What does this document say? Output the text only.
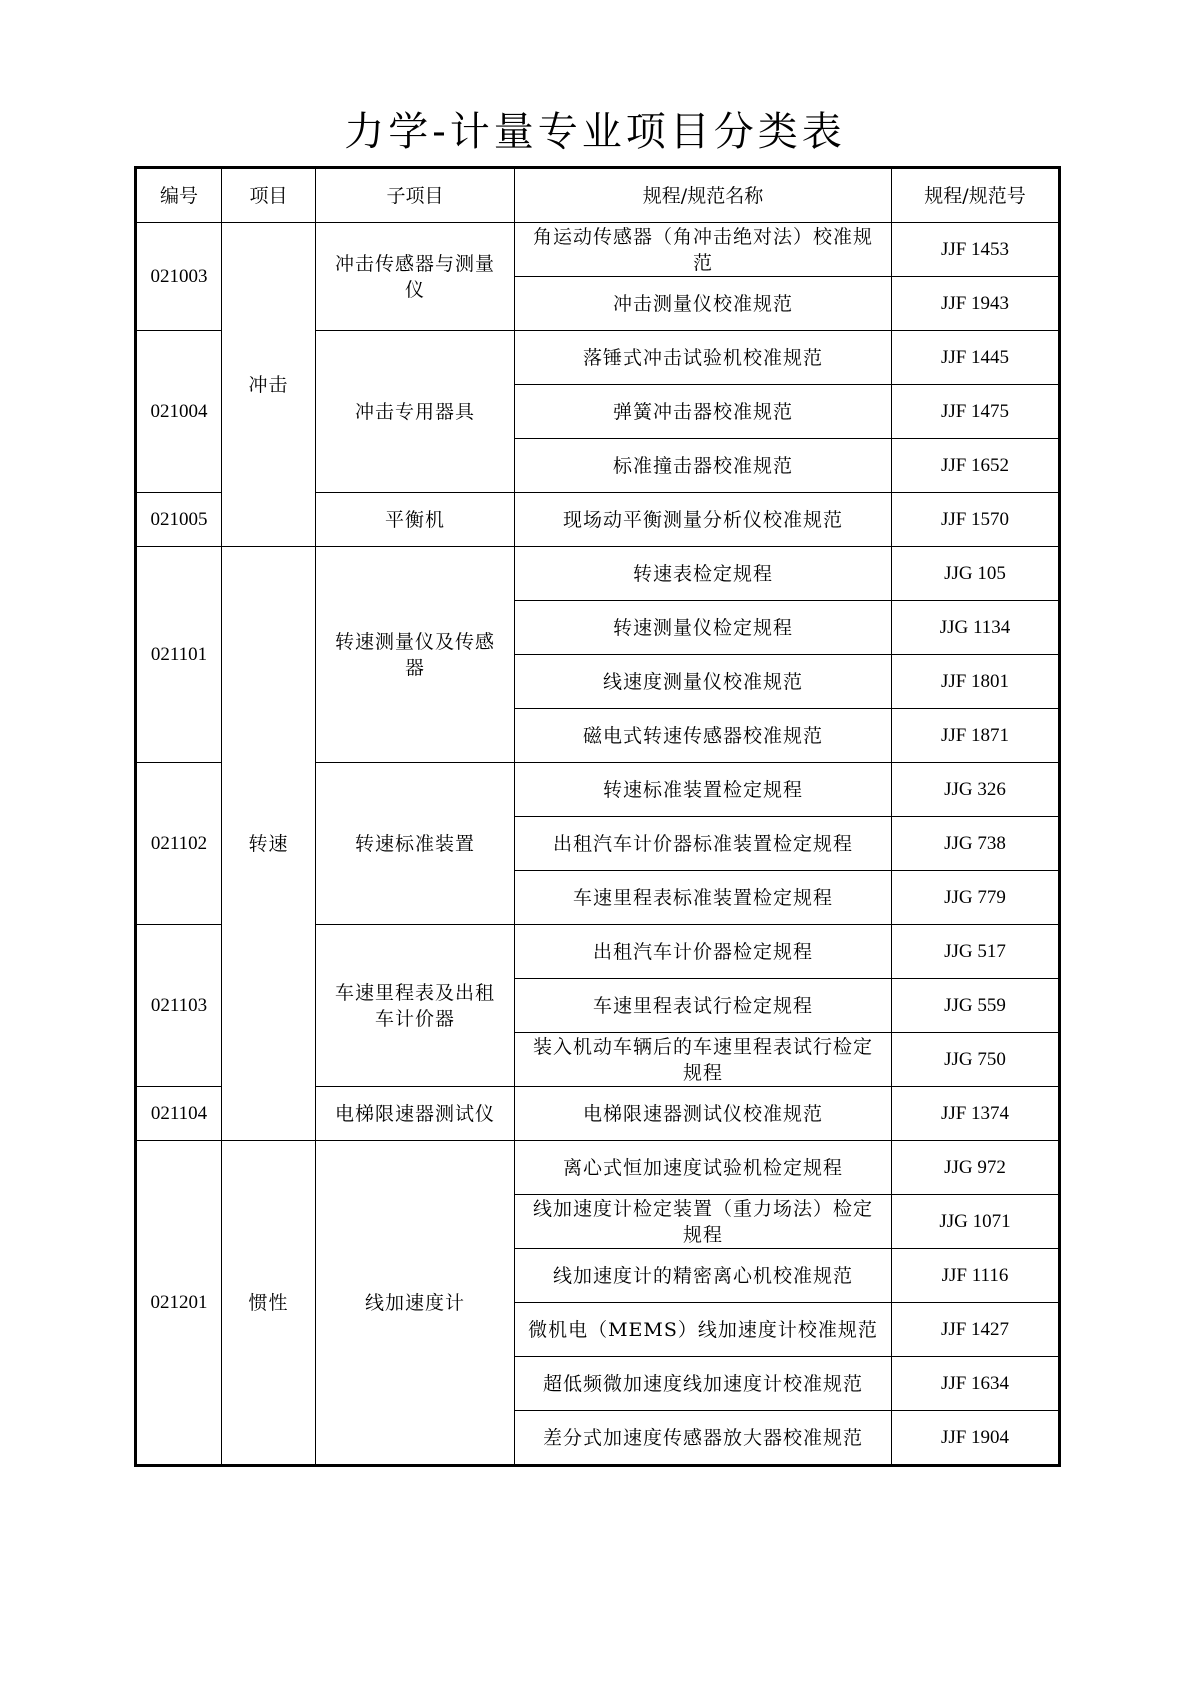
力学-计量专业项目分类表
编号	项目	子项目	规程/规范名称	规程/规范号
021003	冲击	冲击传感器与测量仪	角运动传感器（角冲击绝对法）校准规范	JJF 1453
			冲击测量仪校准规范	JJF 1943
021004		冲击专用器具	落锤式冲击试验机校准规范	JJF 1445
			弹簧冲击器校准规范	JJF 1475
			标准撞击器校准规范	JJF 1652
021005		平衡机	现场动平衡测量分析仪校准规范	JJF 1570
021101	转速	转速测量仪及传感器	转速表检定规程	JJG 105
			转速测量仪检定规程	JJG 1134
			线速度测量仪校准规范	JJF 1801
			磁电式转速传感器校准规范	JJF 1871
021102		转速标准装置	转速标准装置检定规程	JJG 326
			出租汽车计价器标准装置检定规程	JJG 738
			车速里程表标准装置检定规程	JJG 779
021103		车速里程表及出租车计价器	出租汽车计价器检定规程	JJG 517
			车速里程表试行检定规程	JJG 559
			装入机动车辆后的车速里程表试行检定规程	JJG 750
021104		电梯限速器测试仪	电梯限速器测试仪校准规范	JJF 1374
021201	惯性	线加速度计	离心式恒加速度试验机检定规程	JJG 972
			线加速度计检定装置（重力场法）检定规程	JJG 1071
			线加速度计的精密离心机校准规范	JJF 1116
			微机电（MEMS）线加速度计校准规范	JJF 1427
			超低频微加速度线加速度计校准规范	JJF 1634
			差分式加速度传感器放大器校准规范	JJF 1904
